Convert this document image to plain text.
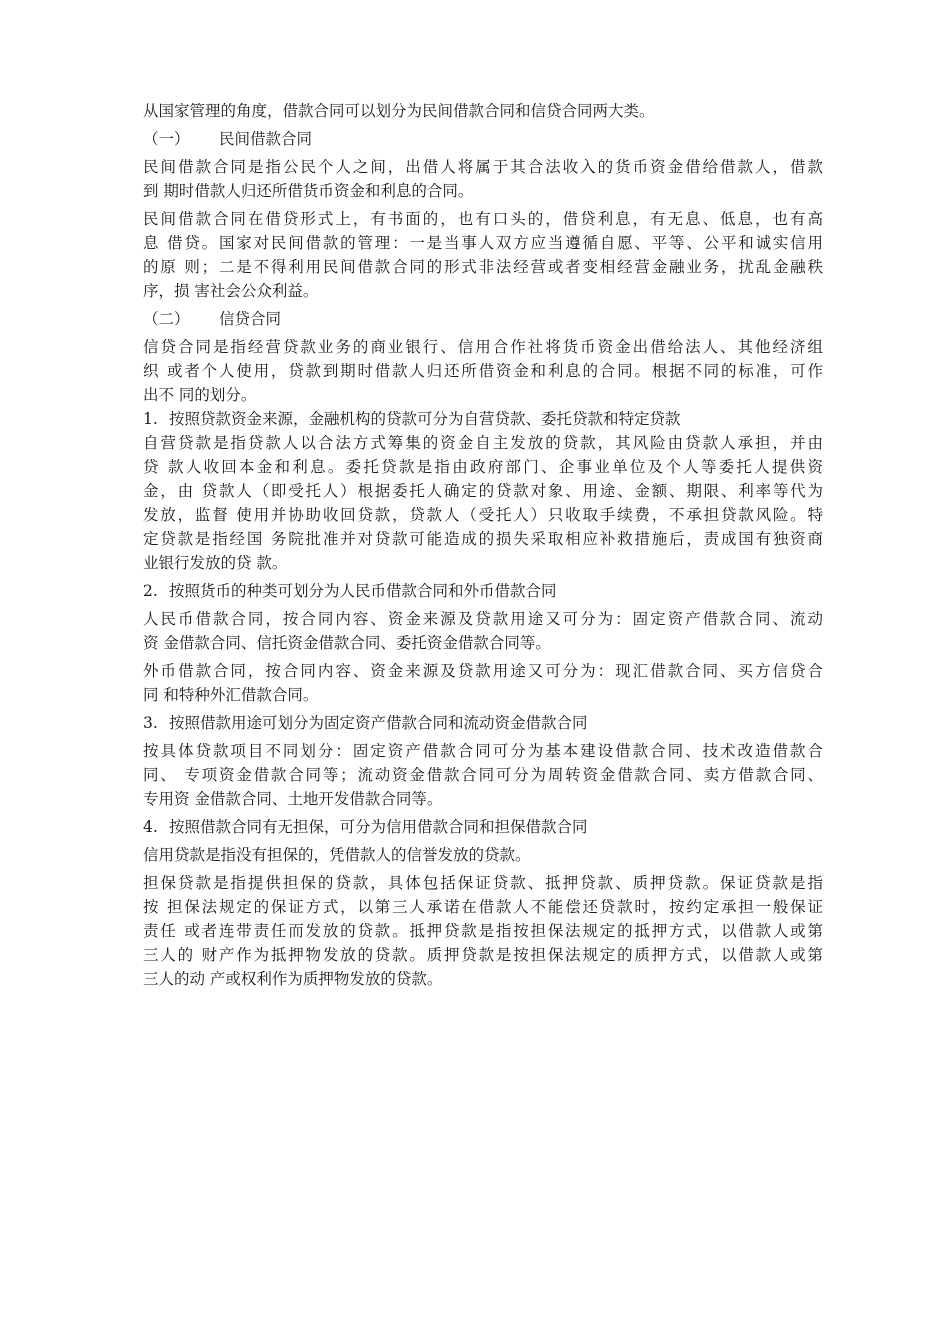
从国家管理的角度，借款合同可以划分为民间借款合同和信贷合同两大类。
（一） 民间借款合同
民间借款合同是指公民个人之间，出借人将属于其合法收入的货币资金借给借款人，借款
到 期时借款人归还所借货币资金和利息的合同。
民间借款合同在借贷形式上，有书面的，也有口头的，借贷利息，有无息、低息，也有高
息 借贷。国家对民间借款的管理：一是当事人双方应当遵循自愿、平等、公平和诚实信用
的原 则；二是不得利用民间借款合同的形式非法经营或者变相经营金融业务，扰乱金融秩
序，损 害社会公众利益。
（二） 信贷合同
信贷合同是指经营贷款业务的商业银行、信用合作社将货币资金出借给法人、其他经济组
织 或者个人使用，贷款到期时借款人归还所借资金和利息的合同。根据不同的标准，可作
出不 同的划分。
1. 按照贷款资金来源，金融机构的贷款可分为自营贷款、委托贷款和特定贷款
自营贷款是指贷款人以合法方式筹集的资金自主发放的贷款，其风险由贷款人承担，并由
贷 款人收回本金和利息。委托贷款是指由政府部门、企事业单位及个人等委托人提供资
金，由 贷款人（即受托人）根据委托人确定的贷款对象、用途、金额、期限、利率等代为
发放，监督 使用并协助收回贷款，贷款人（受托人）只收取手续费，不承担贷款风险。特
定贷款是指经国 务院批准并对贷款可能造成的损失采取相应补救措施后，责成国有独资商
业银行发放的贷 款。
2. 按照货币的种类可划分为人民币借款合同和外币借款合同
人民币借款合同，按合同内容、资金来源及贷款用途又可分为：固定资产借款合同、流动
资 金借款合同、信托资金借款合同、委托资金借款合同等。
外币借款合同，按合同内容、资金来源及贷款用途又可分为：现汇借款合同、买方信贷合
同 和特种外汇借款合同。
3. 按照借款用途可划分为固定资产借款合同和流动资金借款合同
按具体贷款项目不同划分：固定资产借款合同可分为基本建设借款合同、技术改造借款合
同、 专项资金借款合同等；流动资金借款合同可分为周转资金借款合同、卖方借款合同、
专用资 金借款合同、土地开发借款合同等。
4. 按照借款合同有无担保，可分为信用借款合同和担保借款合同
信用贷款是指没有担保的，凭借款人的信誉发放的贷款。
担保贷款是指提供担保的贷款，具体包括保证贷款、抵押贷款、质押贷款。保证贷款是指
按 担保法规定的保证方式，以第三人承诺在借款人不能偿还贷款时，按约定承担一般保证
责任 或者连带责任而发放的贷款。抵押贷款是指按担保法规定的抵押方式，以借款人或第
三人的 财产作为抵押物发放的贷款。质押贷款是按担保法规定的质押方式，以借款人或第
三人的动 产或权利作为质押物发放的贷款。
